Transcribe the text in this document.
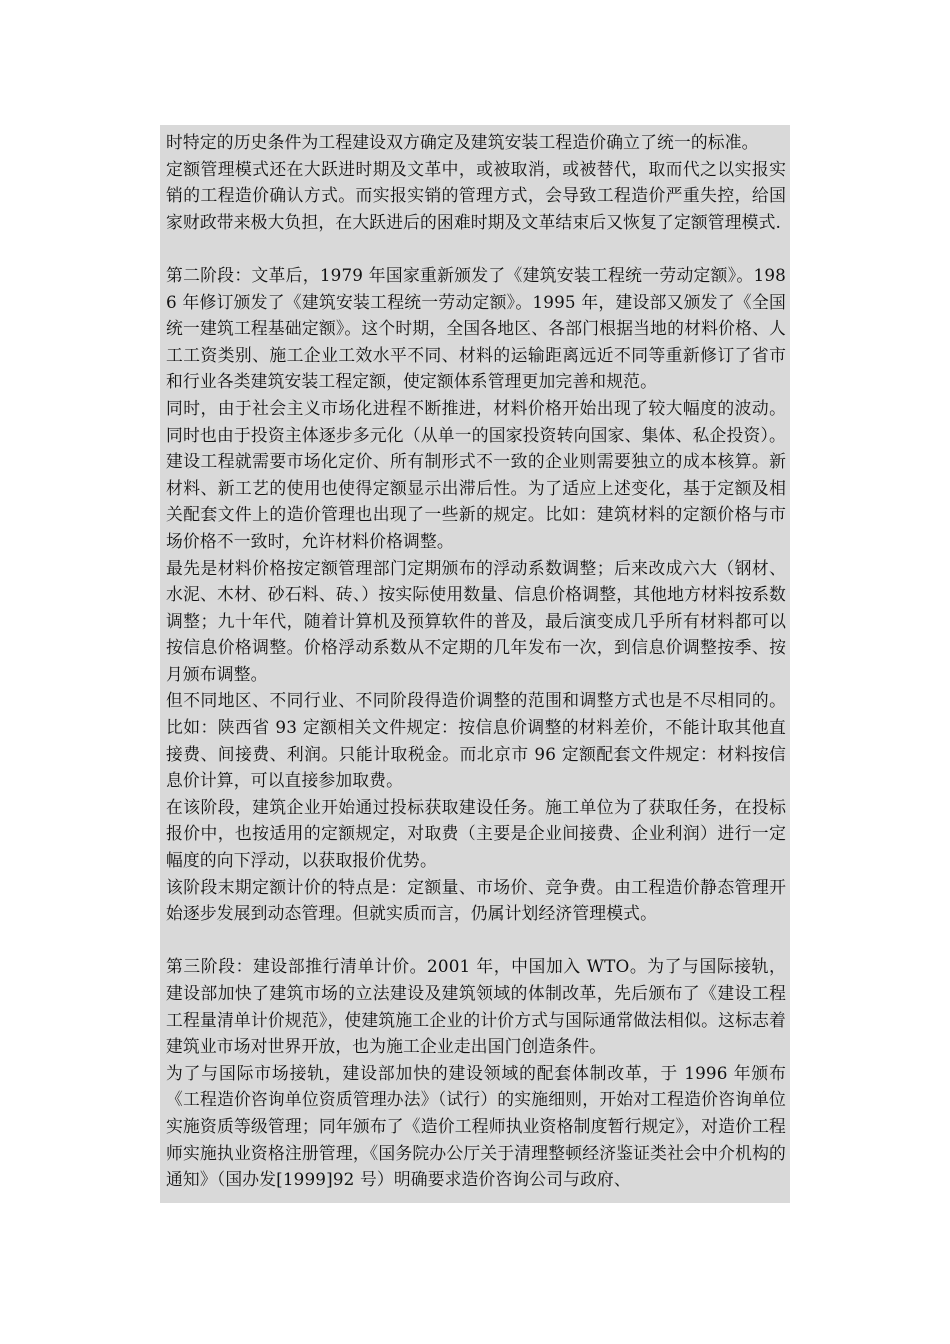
时特定的历史条件为工程建设双方确定及建筑安装工程造价确立了统一的标准。

定额管理模式还在大跃进时期及文革中，或被取消，或被替代，取而代之以实报实销的工程造价确认方式。而实报实销的管理方式，会导致工程造价严重失控，给国家财政带来极大负担，在大跃进后的困难时期及文革结束后又恢复了定额管理模式.

第二阶段：文革后，1979 年国家重新颁发了《建筑安装工程统一劳动定额》。1986 年修订颁发了《建筑安装工程统一劳动定额》。1995 年，建设部又颁发了《全国统一建筑工程基础定额》。这个时期，全国各地区、各部门根据当地的材料价格、人工工资类别、施工企业工效水平不同、材料的运输距离远近不同等重新修订了省市和行业各类建筑安装工程定额，使定额体系管理更加完善和规范。

同时，由于社会主义市场化进程不断推进，材料价格开始出现了较大幅度的波动。同时也由于投资主体逐步多元化（从单一的国家投资转向国家、集体、私企投资）。建设工程就需要市场化定价、所有制形式不一致的企业则需要独立的成本核算。新材料、新工艺的使用也使得定额显示出滞后性。为了适应上述变化，基于定额及相关配套文件上的造价管理也出现了一些新的规定。比如：建筑材料的定额价格与市场价格不一致时，允许材料价格调整。

最先是材料价格按定额管理部门定期颁布的浮动系数调整；后来改成六大（钢材、水泥、木材、砂石料、砖、）按实际使用数量、信息价格调整，其他地方材料按系数调整；九十年代，随着计算机及预算软件的普及，最后演变成几乎所有材料都可以按信息价格调整。价格浮动系数从不定期的几年发布一次，到信息价调整按季、按月颁布调整。

但不同地区、不同行业、不同阶段得造价调整的范围和调整方式也是不尽相同的。比如：陕西省 93 定额相关文件规定：按信息价调整的材料差价，不能计取其他直接费、间接费、利润。只能计取税金。而北京市 96 定额配套文件规定：材料按信息价计算，可以直接参加取费。

在该阶段，建筑企业开始通过投标获取建设任务。施工单位为了获取任务，在投标报价中，也按适用的定额规定，对取费（主要是企业间接费、企业利润）进行一定幅度的向下浮动，以获取报价优势。

该阶段末期定额计价的特点是：定额量、市场价、竞争费。由工程造价静态管理开始逐步发展到动态管理。但就实质而言，仍属计划经济管理模式。

第三阶段：建设部推行清单计价。2001 年，中国加入 WTO。为了与国际接轨，建设部加快了建筑市场的立法建设及建筑领域的体制改革，先后颁布了《建设工程工程量清单计价规范》，使建筑施工企业的计价方式与国际通常做法相似。这标志着建筑业市场对世界开放，也为施工企业走出国门创造条件。

为了与国际市场接轨，建设部加快的建设领域的配套体制改革，于 1996 年颁布《工程造价咨询单位资质管理办法》（试行）的实施细则，开始对工程造价咨询单位实施资质等级管理；同年颁布了《造价工程师执业资格制度暂行规定》，对造价工程师实施执业资格注册管理，《国务院办公厅关于清理整顿经济鉴证类社会中介机构的通知》（国办发[1999]92 号）明确要求造价咨询公司与政府、
